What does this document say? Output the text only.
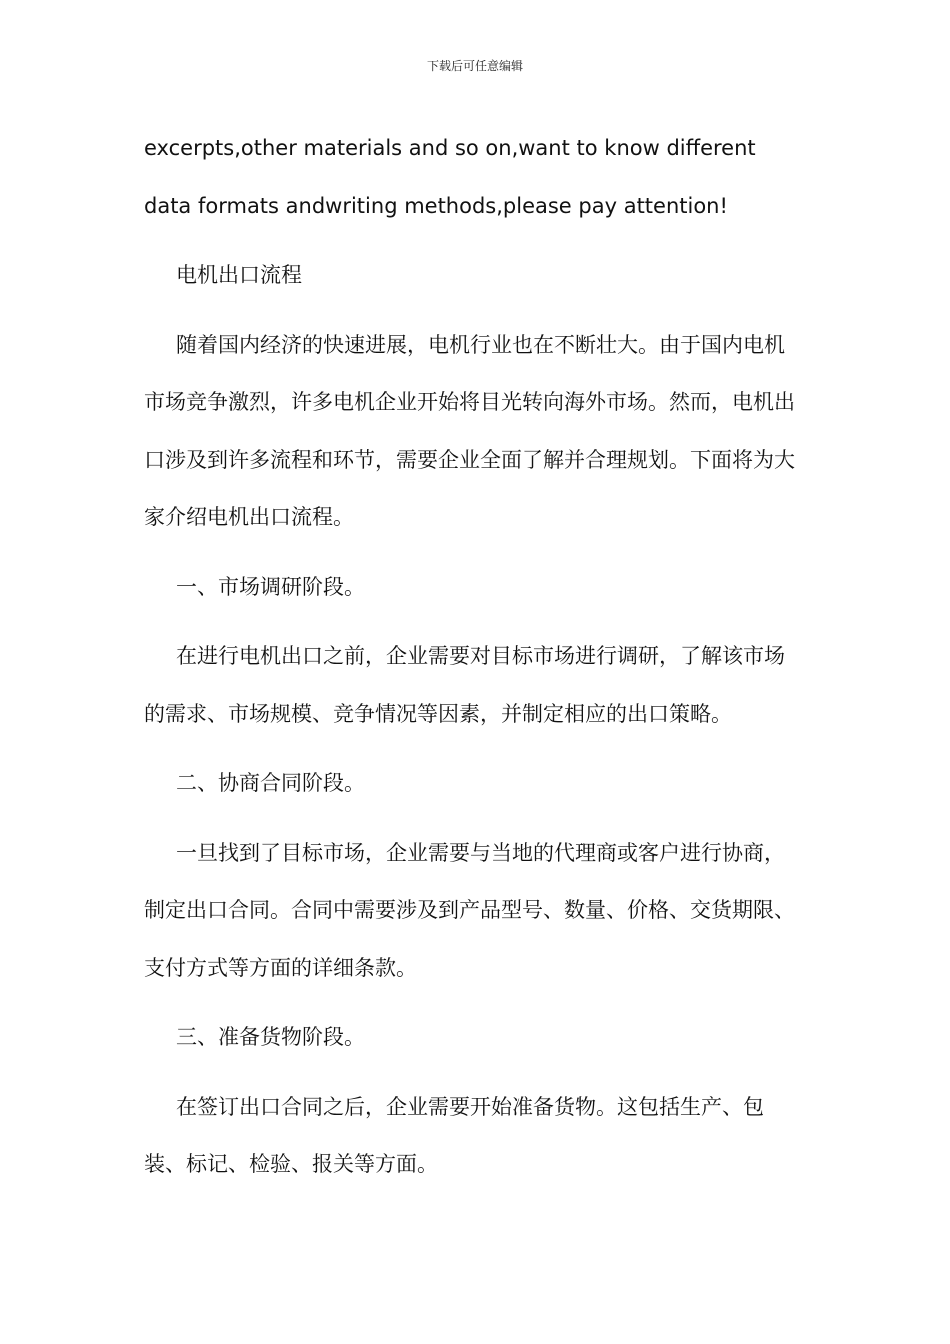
下载后可任意编辑

excerpts,other materials and so on,want to know different data formats andwriting methods,please pay attention!

电机出口流程

随着国内经济的快速进展，电机行业也在不断壮大。由于国内电机市场竞争激烈，许多电机企业开始将目光转向海外市场。然而，电机出口涉及到许多流程和环节，需要企业全面了解并合理规划。下面将为大家介绍电机出口流程。

一、市场调研阶段。

在进行电机出口之前，企业需要对目标市场进行调研，了解该市场的需求、市场规模、竞争情况等因素，并制定相应的出口策略。

二、协商合同阶段。

一旦找到了目标市场，企业需要与当地的代理商或客户进行协商，制定出口合同。合同中需要涉及到产品型号、数量、价格、交货期限、支付方式等方面的详细条款。

三、准备货物阶段。

在签订出口合同之后，企业需要开始准备货物。这包括生产、包装、标记、检验、报关等方面。
